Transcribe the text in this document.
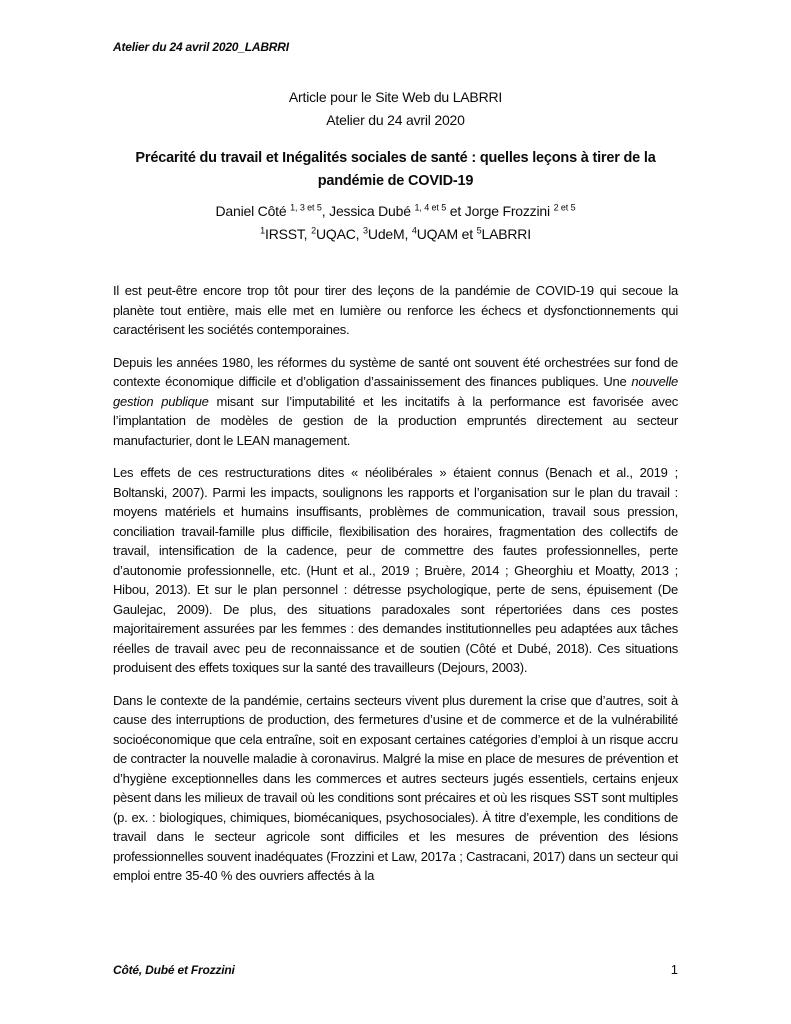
Atelier du 24 avril 2020_LABRRI
Article pour le Site Web du LABRRI
Atelier du 24 avril 2020
Précarité du travail et Inégalités sociales de santé : quelles leçons à tirer de la
pandémie de COVID-19

Daniel Côté $^{1, 3 et 5}$, Jessica Dubé $^{1, 4 et 5}$ et Jorge Frozzini $^{2 et 5}$

$^1$IRSST, $^2$UQAC, $^3$UdeM, $^4$UQAM et $^5$LABRRI

Il est peut-être encore trop tôt pour tirer des leçons de la pandémie de COVID-19 qui secoue la planète tout entière, mais elle met en lumière ou renforce les échecs et dysfonctionnements qui caractérisent les sociétés contemporaines.

Depuis les années 1980, les réformes du système de santé ont souvent été orchestrées sur fond de contexte économique difficile et d’obligation d’assainissement des finances publiques. Une nouvelle gestion publique misant sur l’imputabilité et les incitatifs à la performance est favorisée avec l’implantation de modèles de gestion de la production empruntés directement au secteur manufacturier, dont le LEAN management.

Les effets de ces restructurations dites « néolibérales » étaient connus (Benach et al., 2019 ; Boltanski, 2007). Parmi les impacts, soulignons les rapports et l’organisation sur le plan du travail : moyens matériels et humains insuffisants, problèmes de communication, travail sous pression, conciliation travail-famille plus difficile, flexibilisation des horaires, fragmentation des collectifs de travail, intensification de la cadence, peur de commettre des fautes professionnelles, perte d’autonomie professionnelle, etc. (Hunt et al., 2019 ; Bruère, 2014 ; Gheorghiu et Moatty, 2013 ; Hibou, 2013). Et sur le plan personnel : détresse psychologique, perte de sens, épuisement (De Gaulejac, 2009). De plus, des situations paradoxales sont répertoriées dans ces postes majoritairement assurées par les femmes : des demandes institutionnelles peu adaptées aux tâches réelles de travail avec peu de reconnaissance et de soutien (Côté et Dubé, 2018). Ces situations produisent des effets toxiques sur la santé des travailleurs (Dejours, 2003).

Dans le contexte de la pandémie, certains secteurs vivent plus durement la crise que d’autres, soit à cause des interruptions de production, des fermetures d’usine et de commerce et de la vulnérabilité socioéconomique que cela entraîne, soit en exposant certaines catégories d’emploi à un risque accru de contracter la nouvelle maladie à coronavirus. Malgré la mise en place de mesures de prévention et d’hygiène exceptionnelles dans les commerces et autres secteurs jugés essentiels, certains enjeux pèsent dans les milieux de travail où les conditions sont précaires et où les risques SST sont multiples (p. ex. : biologiques, chimiques, biomécaniques, psychosociales). À titre d’exemple, les conditions de travail dans le secteur agricole sont difficiles et les mesures de prévention des lésions professionnelles souvent inadéquates (Frozzini et Law, 2017a ; Castracani, 2017) dans un secteur qui emploi entre 35-40 % des ouvriers affectés à la

Côté, Dubé et Frozzini	1
